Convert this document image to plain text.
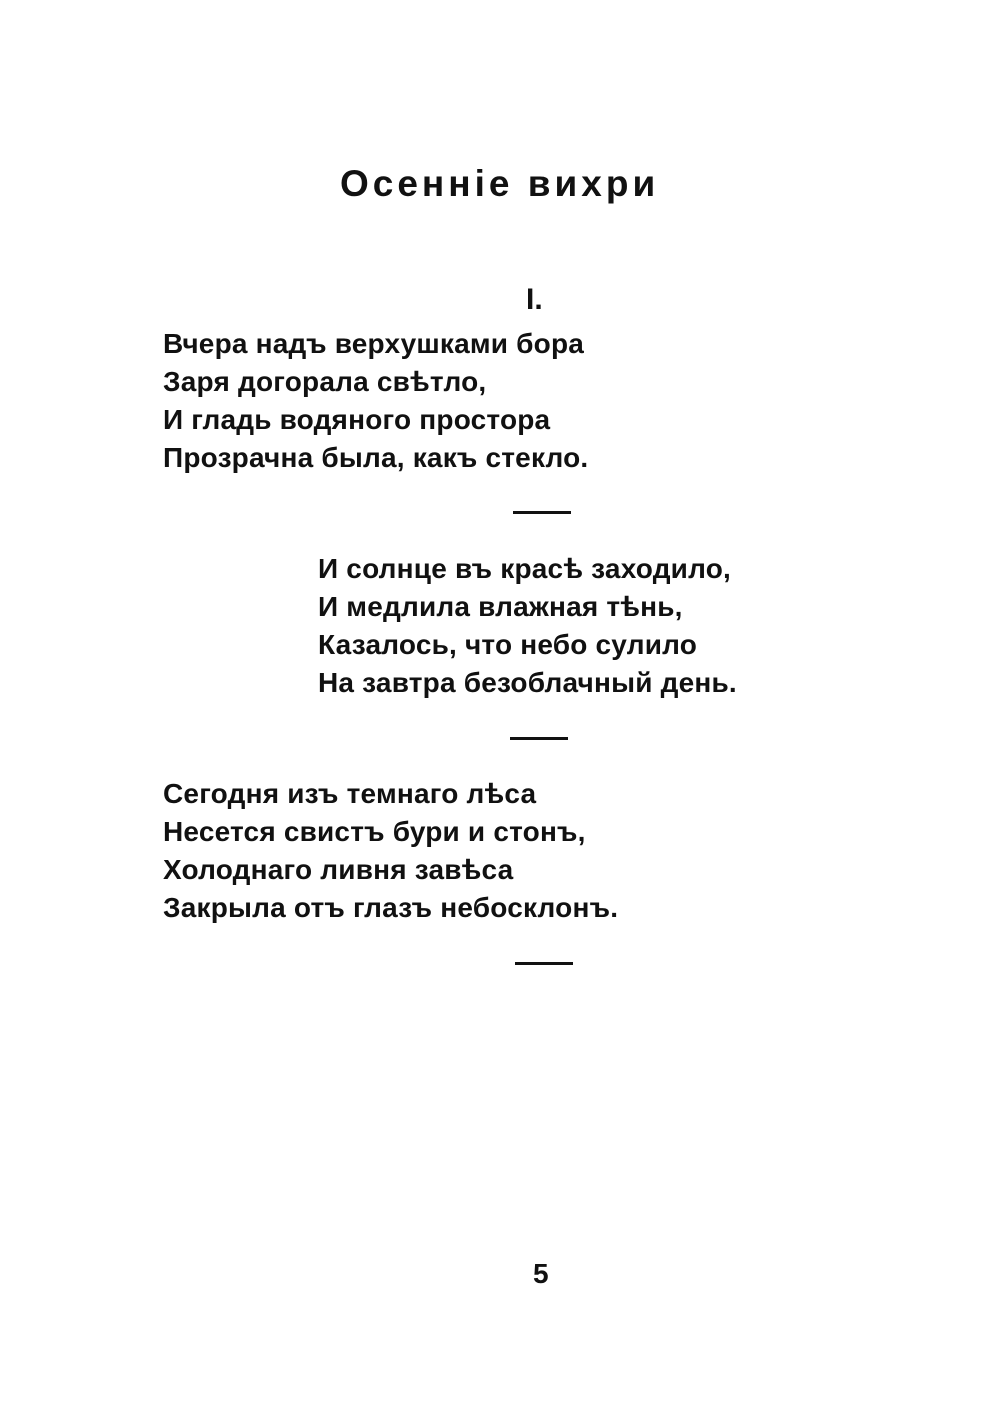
Осенніе вихри
I.
Вчера надъ верхушками бора
Заря догорала свѣтло,
И гладь водяного простора
Прозрачна была, какъ стекло.
И солнце въ красѣ заходило,
И медлила влажная тѣнь,
Казалось, что небо сулило
На завтра безоблачный день.
Сегодня изъ темнаго лѣса
Несется свистъ бури и стонъ,
Холоднаго ливня завѣса
Закрыла отъ глазъ небосклонъ.
5
